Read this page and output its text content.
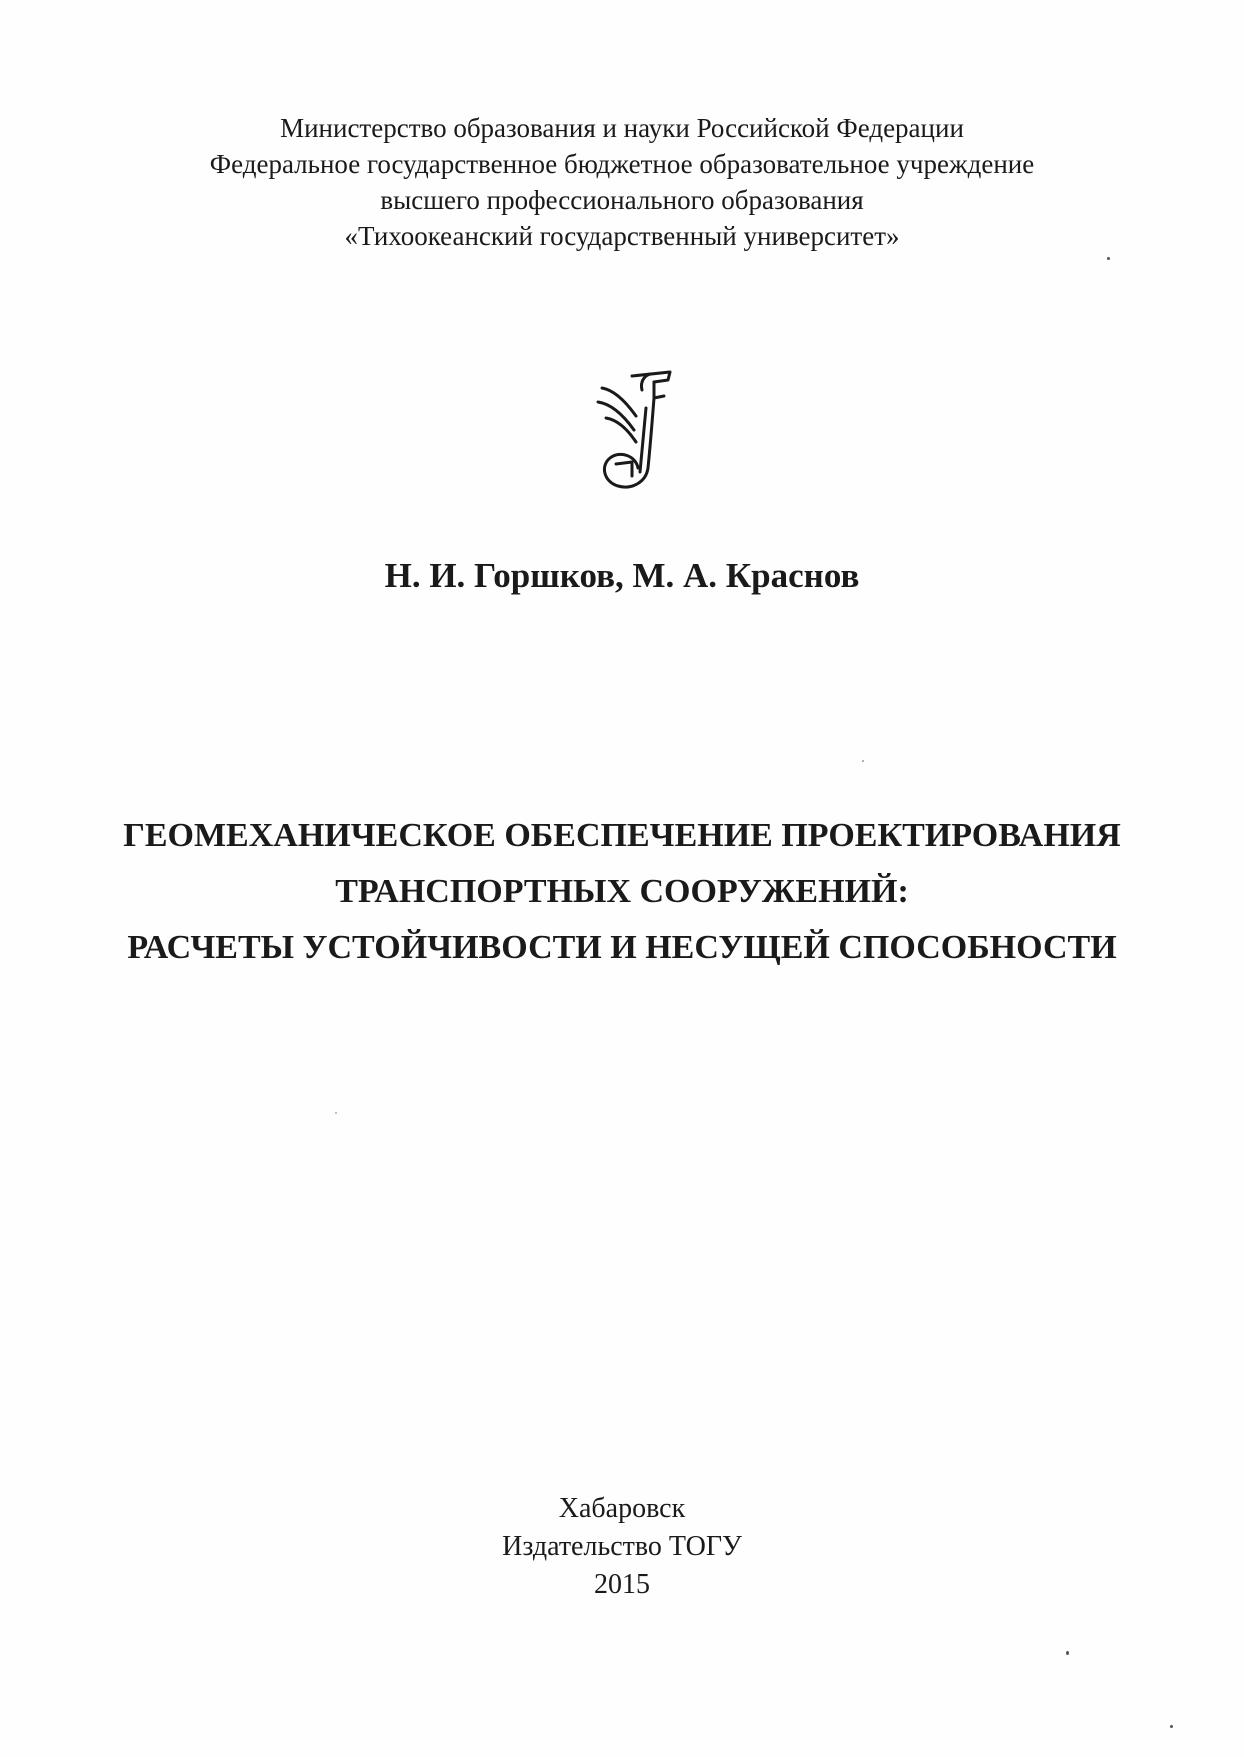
Министерство образования и науки Российской Федерации
Федеральное государственное бюджетное образовательное учреждение
высшего профессионального образования
«Тихоокеанский государственный университет»
Н. И. Горшков, М. А. Краснов
ГЕОМЕХАНИЧЕСКОЕ ОБЕСПЕЧЕНИЕ ПРОЕКТИРОВАНИЯ
ТРАНСПОРТНЫХ СООРУЖЕНИЙ:
РАСЧЕТЫ УСТОЙЧИВОСТИ И НЕСУЩЕЙ СПОСОБНОСТИ
Хабаровск
Издательство ТОГУ
2015
